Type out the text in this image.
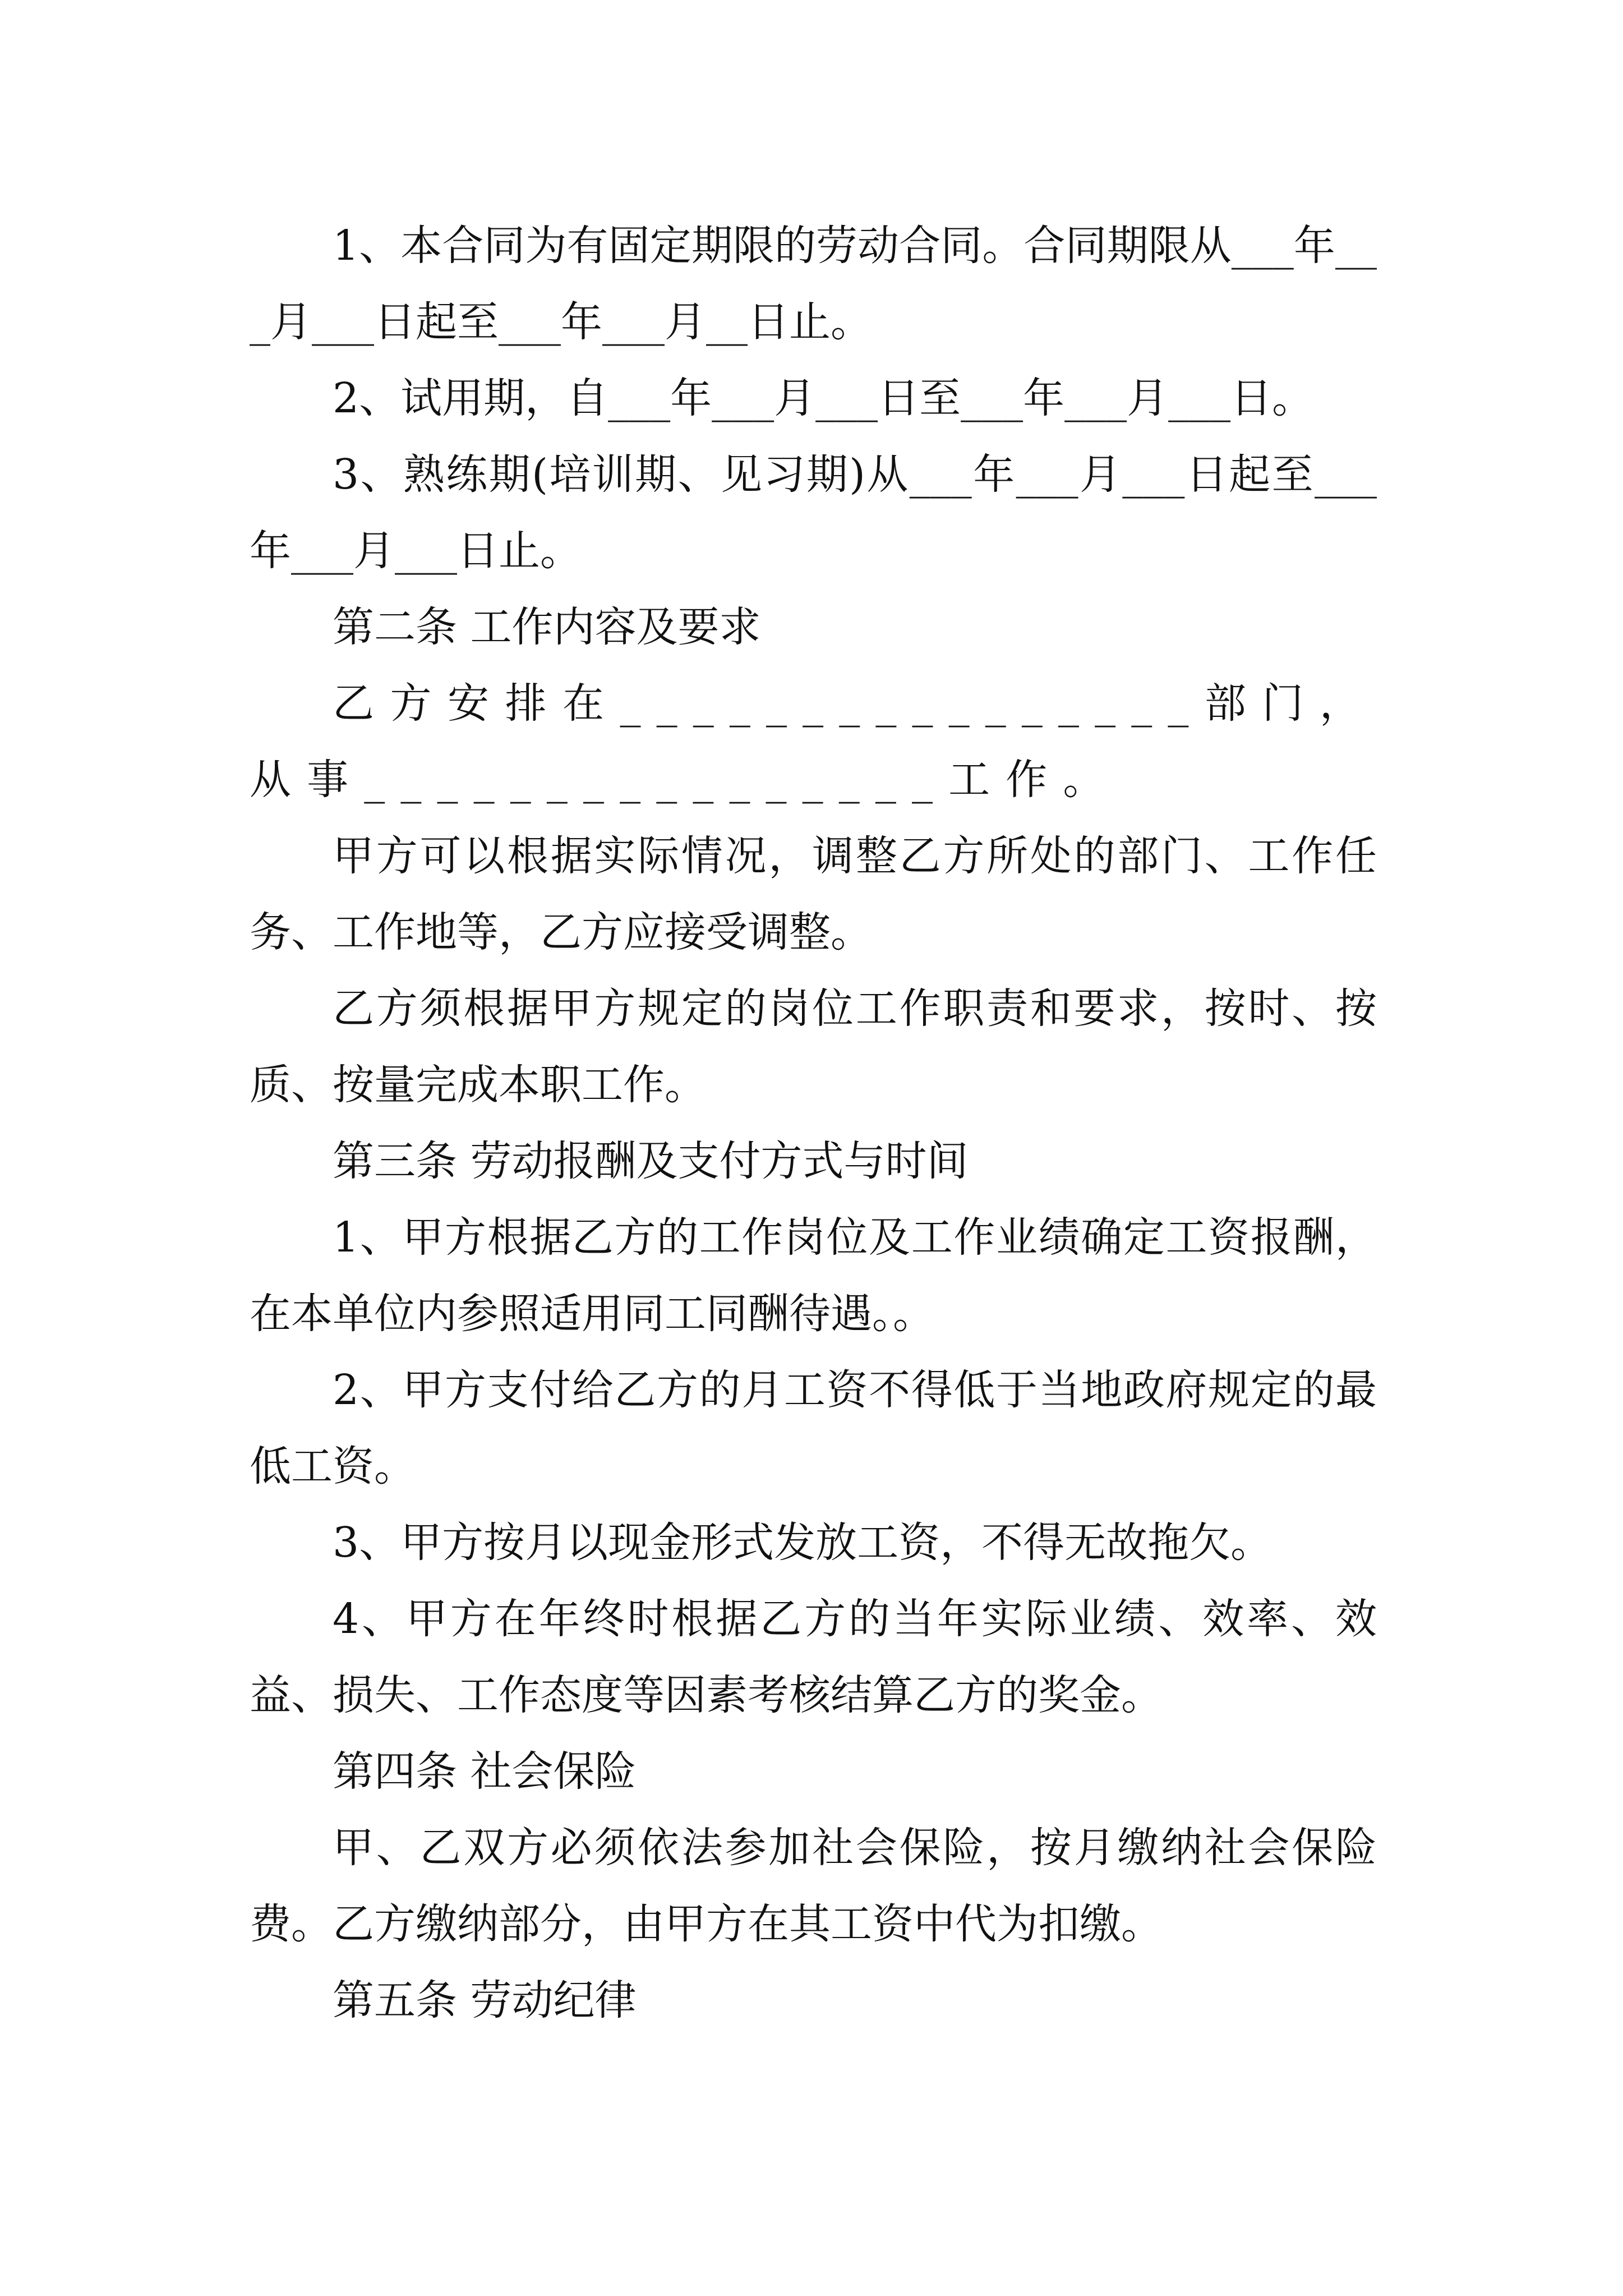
1、本合同为有固定期限的劳动合同。合同期限从___年___月___日起至___年___月__日止。

2、试用期，自___年___月___日至___年___月___日。

3、熟练期(培训期、见习期)从___年___月___日起至___年___月___日止。

第二条 工作内容及要求

乙方安排在________________部门，从事________________工作。

甲方可以根据实际情况，调整乙方所处的部门、工作任务、工作地等，乙方应接受调整。

乙方须根据甲方规定的岗位工作职责和要求，按时、按质、按量完成本职工作。

第三条 劳动报酬及支付方式与时间

1、甲方根据乙方的工作岗位及工作业绩确定工资报酬，在本单位内参照适用同工同酬待遇。。

2、甲方支付给乙方的月工资不得低于当地政府规定的最低工资。

3、甲方按月以现金形式发放工资，不得无故拖欠。

4、甲方在年终时根据乙方的当年实际业绩、效率、效益、损失、工作态度等因素考核结算乙方的奖金。

第四条 社会保险

甲、乙双方必须依法参加社会保险，按月缴纳社会保险费。乙方缴纳部分，由甲方在其工资中代为扣缴。

第五条 劳动纪律
